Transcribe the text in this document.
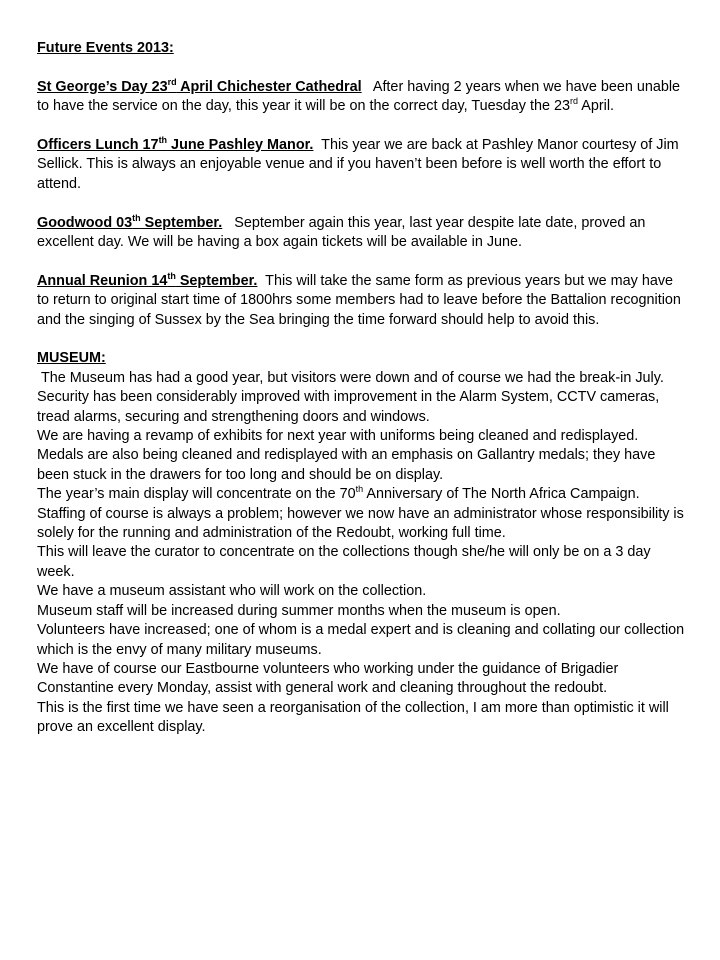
Future Events 2013:

St George’s Day 23rd April Chichester Cathedral   After having 2 years when we have been unable to have the service on the day, this year it will be on the correct day, Tuesday the 23rd April.

Officers Lunch 17th June Pashley Manor.  This year we are back at Pashley Manor courtesy of Jim Sellick. This is always an enjoyable venue and if you haven’t been before is well worth the effort to attend.

Goodwood 03th September.   September again this year, last year despite late date, proved an excellent day. We will be having a box again tickets will be available in June.

Annual Reunion 14th September.  This will take the same form as previous years but we may have to return to original start time of 1800hrs some members had to leave before the Battalion recognition and the singing of Sussex by the Sea bringing the time forward should help to avoid this.

MUSEUM:

The Museum has had a good year, but visitors were down and of course we had the break-in July. Security has been considerably improved with improvement in the Alarm System, CCTV cameras, tread alarms, securing and strengthening doors and windows.

We are having a revamp of exhibits for next year with uniforms being cleaned and redisplayed.

Medals are also being cleaned and redisplayed with an emphasis on Gallantry medals; they have been stuck in the drawers for too long and should be on display.

The year’s main display will concentrate on the 70th Anniversary of The North Africa Campaign.

Staffing of course is always a problem; however we now have an administrator whose responsibility is solely for the running and administration of the Redoubt, working full time.

This will leave the curator to concentrate on the collections though she/he will only be on a 3 day week.

We have a museum assistant who will work on the collection.

Museum staff will be increased during summer months when the museum is open.

Volunteers have increased; one of whom is a medal expert and is cleaning and collating our collection which is the envy of many military museums.

We have of course our Eastbourne volunteers who working under the guidance of Brigadier Constantine every Monday, assist with general work and cleaning throughout the redoubt.

This is the first time we have seen a reorganisation of the collection, I am more than optimistic it will prove an excellent display.
